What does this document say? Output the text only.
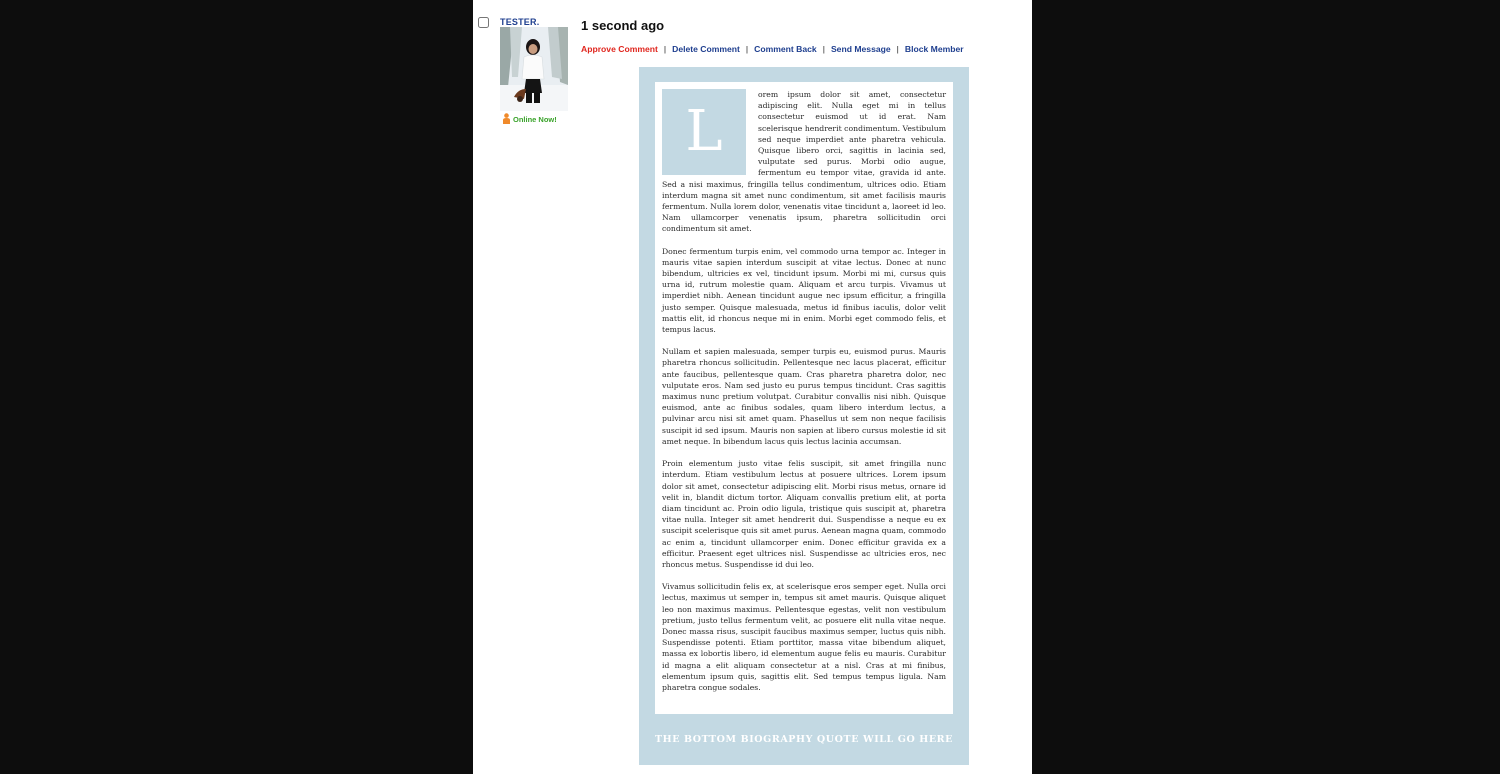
TESTER.
Online Now!
1 second ago
Approve Comment | Delete Comment | Comment Back | Send Message | Block Member
L

orem ipsum dolor sit amet, consectetur adipiscing elit. Nulla eget mi in tellus consectetur euismod ut id erat. Nam scelerisque hendrerit condimentum. Vestibulum sed neque imperdiet ante pharetra vehicula. Quisque libero orci, sagittis in lacinia sed, vulputate sed purus. Morbi odio augue, fermentum eu tempor vitae, gravida id ante. Sed a nisi maximus, fringilla tellus condimentum, ultrices odio. Etiam interdum magna sit amet nunc condimentum, sit amet facilisis mauris fermentum. Nulla lorem dolor, venenatis vitae tincidunt a, laoreet id leo. Nam ullamcorper venenatis ipsum, pharetra sollicitudin orci condimentum sit amet.

Donec fermentum turpis enim, vel commodo urna tempor ac. Integer in mauris vitae sapien interdum suscipit at vitae lectus. Donec at nunc bibendum, ultricies ex vel, tincidunt ipsum. Morbi mi mi, cursus quis urna id, rutrum molestie quam. Aliquam et arcu turpis. Vivamus ut imperdiet nibh. Aenean tincidunt augue nec ipsum efficitur, a fringilla justo semper. Quisque malesuada, metus id finibus iaculis, dolor velit mattis elit, id rhoncus neque mi in enim. Morbi eget commodo felis, et tempus lacus.

Nullam et sapien malesuada, semper turpis eu, euismod purus. Mauris pharetra rhoncus sollicitudin. Pellentesque nec lacus placerat, efficitur ante faucibus, pellentesque quam. Cras pharetra pharetra dolor, nec vulputate eros. Nam sed justo eu purus tempus tincidunt. Cras sagittis maximus nunc pretium volutpat. Curabitur convallis nisi nibh. Quisque euismod, ante ac finibus sodales, quam libero interdum lectus, a pulvinar arcu nisi sit amet quam. Phasellus ut sem non neque facilisis suscipit id sed ipsum. Mauris non sapien at libero cursus molestie id sit amet neque. In bibendum lacus quis lectus lacinia accumsan.

Proin elementum justo vitae felis suscipit, sit amet fringilla nunc interdum. Etiam vestibulum lectus at posuere ultrices. Lorem ipsum dolor sit amet, consectetur adipiscing elit. Morbi risus metus, ornare id velit in, blandit dictum tortor. Aliquam convallis pretium elit, at porta diam tincidunt ac. Proin odio ligula, tristique quis suscipit at, pharetra vitae nulla. Integer sit amet hendrerit dui. Suspendisse a neque eu ex suscipit scelerisque quis sit amet purus. Aenean magna quam, commodo ac enim a, tincidunt ullamcorper enim. Donec efficitur gravida ex a efficitur. Praesent eget ultrices nisl. Suspendisse ac ultricies eros, nec rhoncus metus. Suspendisse id dui leo.

Vivamus sollicitudin felis ex, at scelerisque eros semper eget. Nulla orci lectus, maximus ut semper in, tempus sit amet mauris. Quisque aliquet leo non maximus maximus. Pellentesque egestas, velit non vestibulum pretium, justo tellus fermentum velit, ac posuere elit nulla vitae neque. Donec massa risus, suscipit faucibus maximus semper, luctus quis nibh. Suspendisse potenti. Etiam porttitor, massa vitae bibendum aliquet, massa ex lobortis libero, id elementum augue felis eu mauris. Curabitur id magna a elit aliquam consectetur at a nisl. Cras at mi finibus, elementum ipsum quis, sagittis elit. Sed tempus tempus ligula. Nam pharetra congue sodales.

THE BOTTOM BIOGRAPHY QUOTE WILL GO HERE
